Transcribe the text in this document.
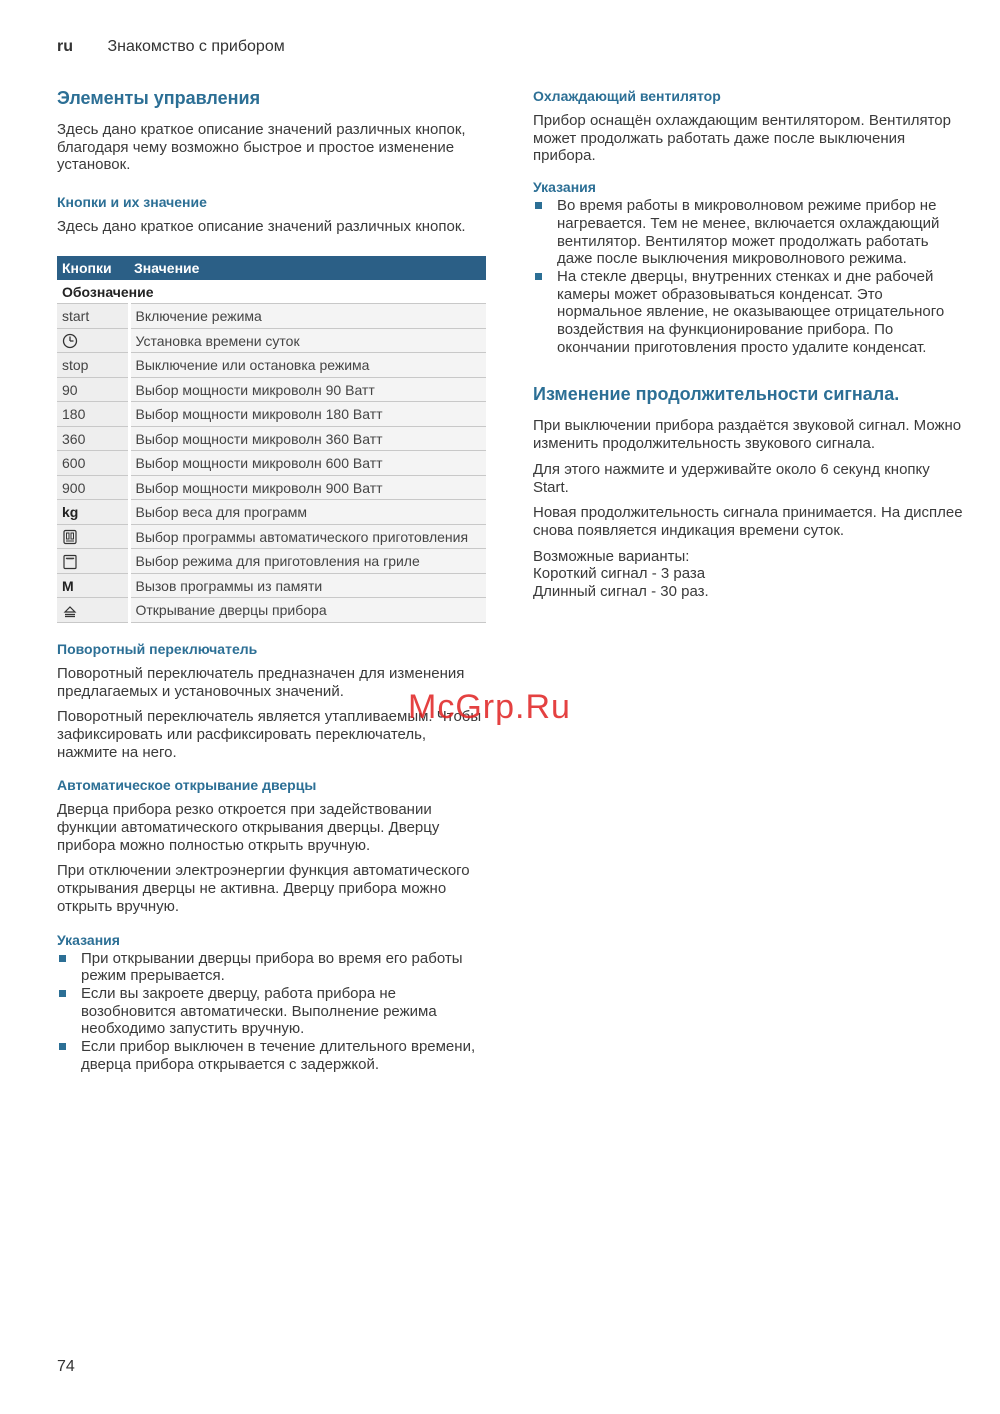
ru Знакомство с прибором
Элементы управления

Здесь дано краткое описание значений различных кнопок, благодаря чему возможно быстрое и простое изменение установок.

Кнопки и их значение

Здесь дано краткое описание значений различных кнопок.

Кнопки	Значение
Обозначение	
start	Включение режима
	Установка времени суток
stop	Выключение или остановка режима
90	Выбор мощности микроволн 90 Ватт
180	Выбор мощности микроволн 180 Ватт
360	Выбор мощности микроволн 360 Ватт
600	Выбор мощности микроволн 600 Ватт
900	Выбор мощности микроволн 900 Ватт
kg	Выбор веса для программ
	Выбор программы автоматического приготовления
	Выбор режима для приготовления на гриле
M	Вызов программы из памяти
	Открывание дверцы прибора
Поворотный переключатель

Поворотный переключатель предназначен для изменения предлагаемых и установочных значений.

Поворотный переключатель является утапливаемым. Чтобы зафиксировать или расфиксировать переключатель, нажмите на него.

Автоматическое открывание дверцы

Дверца прибора резко откроется при задействовании функции автоматического открывания дверцы. Дверцу прибора можно полностью открыть вручную.

При отключении электроэнергии функция автоматического открывания дверцы не активна. Дверцу прибора можно открыть вручную.

Указания
При открывании дверцы прибора во время его работы режим прерывается.
Если вы закроете дверцу, работа прибора не возобновится автоматически. Выполнение режима необходимо запустить вручную.
Если прибор выключен в течение длительного времени, дверца прибора открывается с задержкой.
Охлаждающий вентилятор

Прибор оснащён охлаждающим вентилятором. Вентилятор может продолжать работать даже после выключения прибора.

Указания
Во время работы в микроволновом режиме прибор не нагревается. Тем не менее, включается охлаждающий вентилятор. Вентилятор может продолжать работать даже после выключения микроволнового режима.
На стекле дверцы, внутренних стенках и дне рабочей камеры может образовываться конденсат. Это нормальное явление, не оказывающее отрицательного воздействия на функционирование прибора. По окончании приготовления просто удалите конденсат.
Изменение продолжительности сигнала.

При выключении прибора раздаётся звуковой сигнал. Можно изменить продолжительность звукового сигнала.

Для этого нажмите и удерживайте около 6 секунд кнопку Start.

Новая продолжительность сигнала принимается. На дисплее снова появляется индикация времени суток.

Возможные варианты:
Короткий сигнал - 3 раза
Длинный сигнал - 30 раз.

McGrp.Ru
74
